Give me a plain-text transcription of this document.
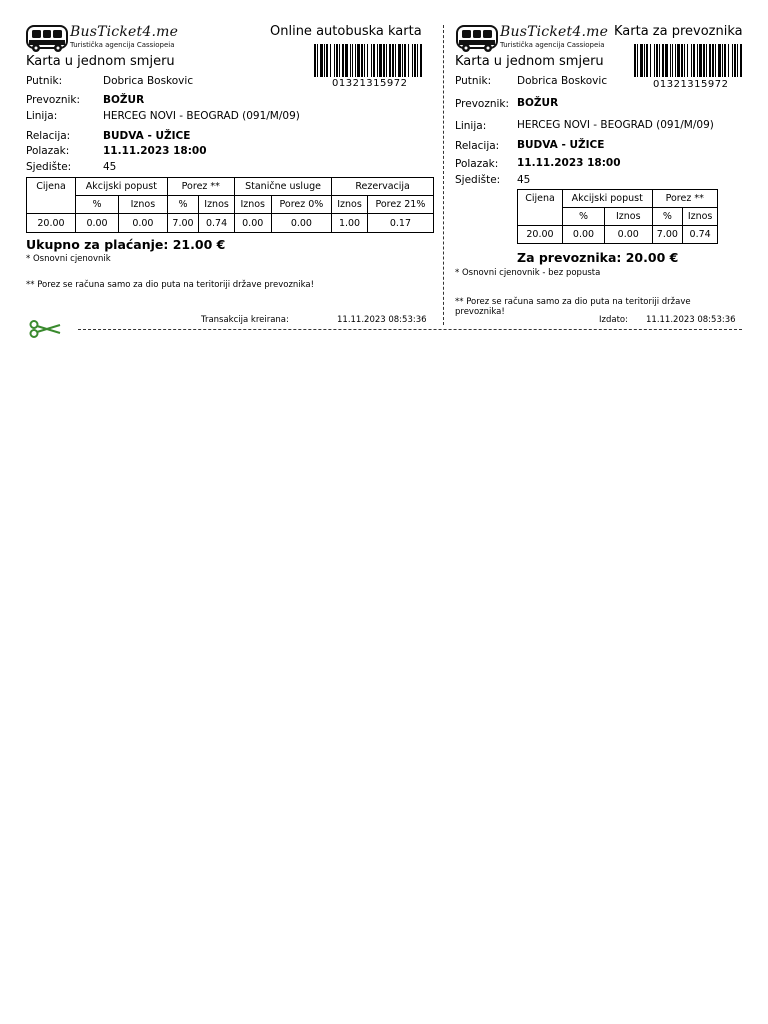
BusTicket4.me
Turistička agencija Cassiopeia
Online autobuska karta
Karta u jednom smjeru
01321315972
Putnik:	Dobrica Boskovic
Prevoznik: BOŽUR
Linija:	HERCEG NOVI - BEOGRAD (091/M/09)
Relacija:	BUDVA - UŽICE
Polazak:	11.11.2023 18:00
Sjedište:	45
Cijena	Akcijski popust		Porez **		Stanične usluge		Rezervacija	
	%	Iznos	%	Iznos	Iznos	Porez 0%	Iznos	Porez 21%
20.00	0.00	0.00	7.00	0.74	0.00	0.00	1.00	0.17
Ukupno za plaćanje: 21.00 €
* Osnovni cjenovnik
** Porez se računa samo za dio puta na teritoriji države prevoznika!
Transakcija kreirana:	11.11.2023 08:53:36
BusTicket4.me
Turistička agencija Cassiopeia
Karta za prevoznika
Karta u jednom smjeru
01321315972
Putnik: Dobrica Boskovic
Prevoznik: BOŽUR
Linija:	HERCEG NOVI - BEOGRAD (091/M/09)
Relacija: BUDVA - UŽICE
Polazak: 11.11.2023 18:00
Sjedište: 45
Cijena	Akcijski popust		Porez **	
	%	Iznos	%	Iznos
20.00	0.00	0.00	7.00	0.74
Za prevoznika: 20.00 €
* Osnovni cjenovnik - bez popusta
** Porez se računa samo za dio puta na teritoriji države prevoznika!
Izdato: 11.11.2023 08:53:36
